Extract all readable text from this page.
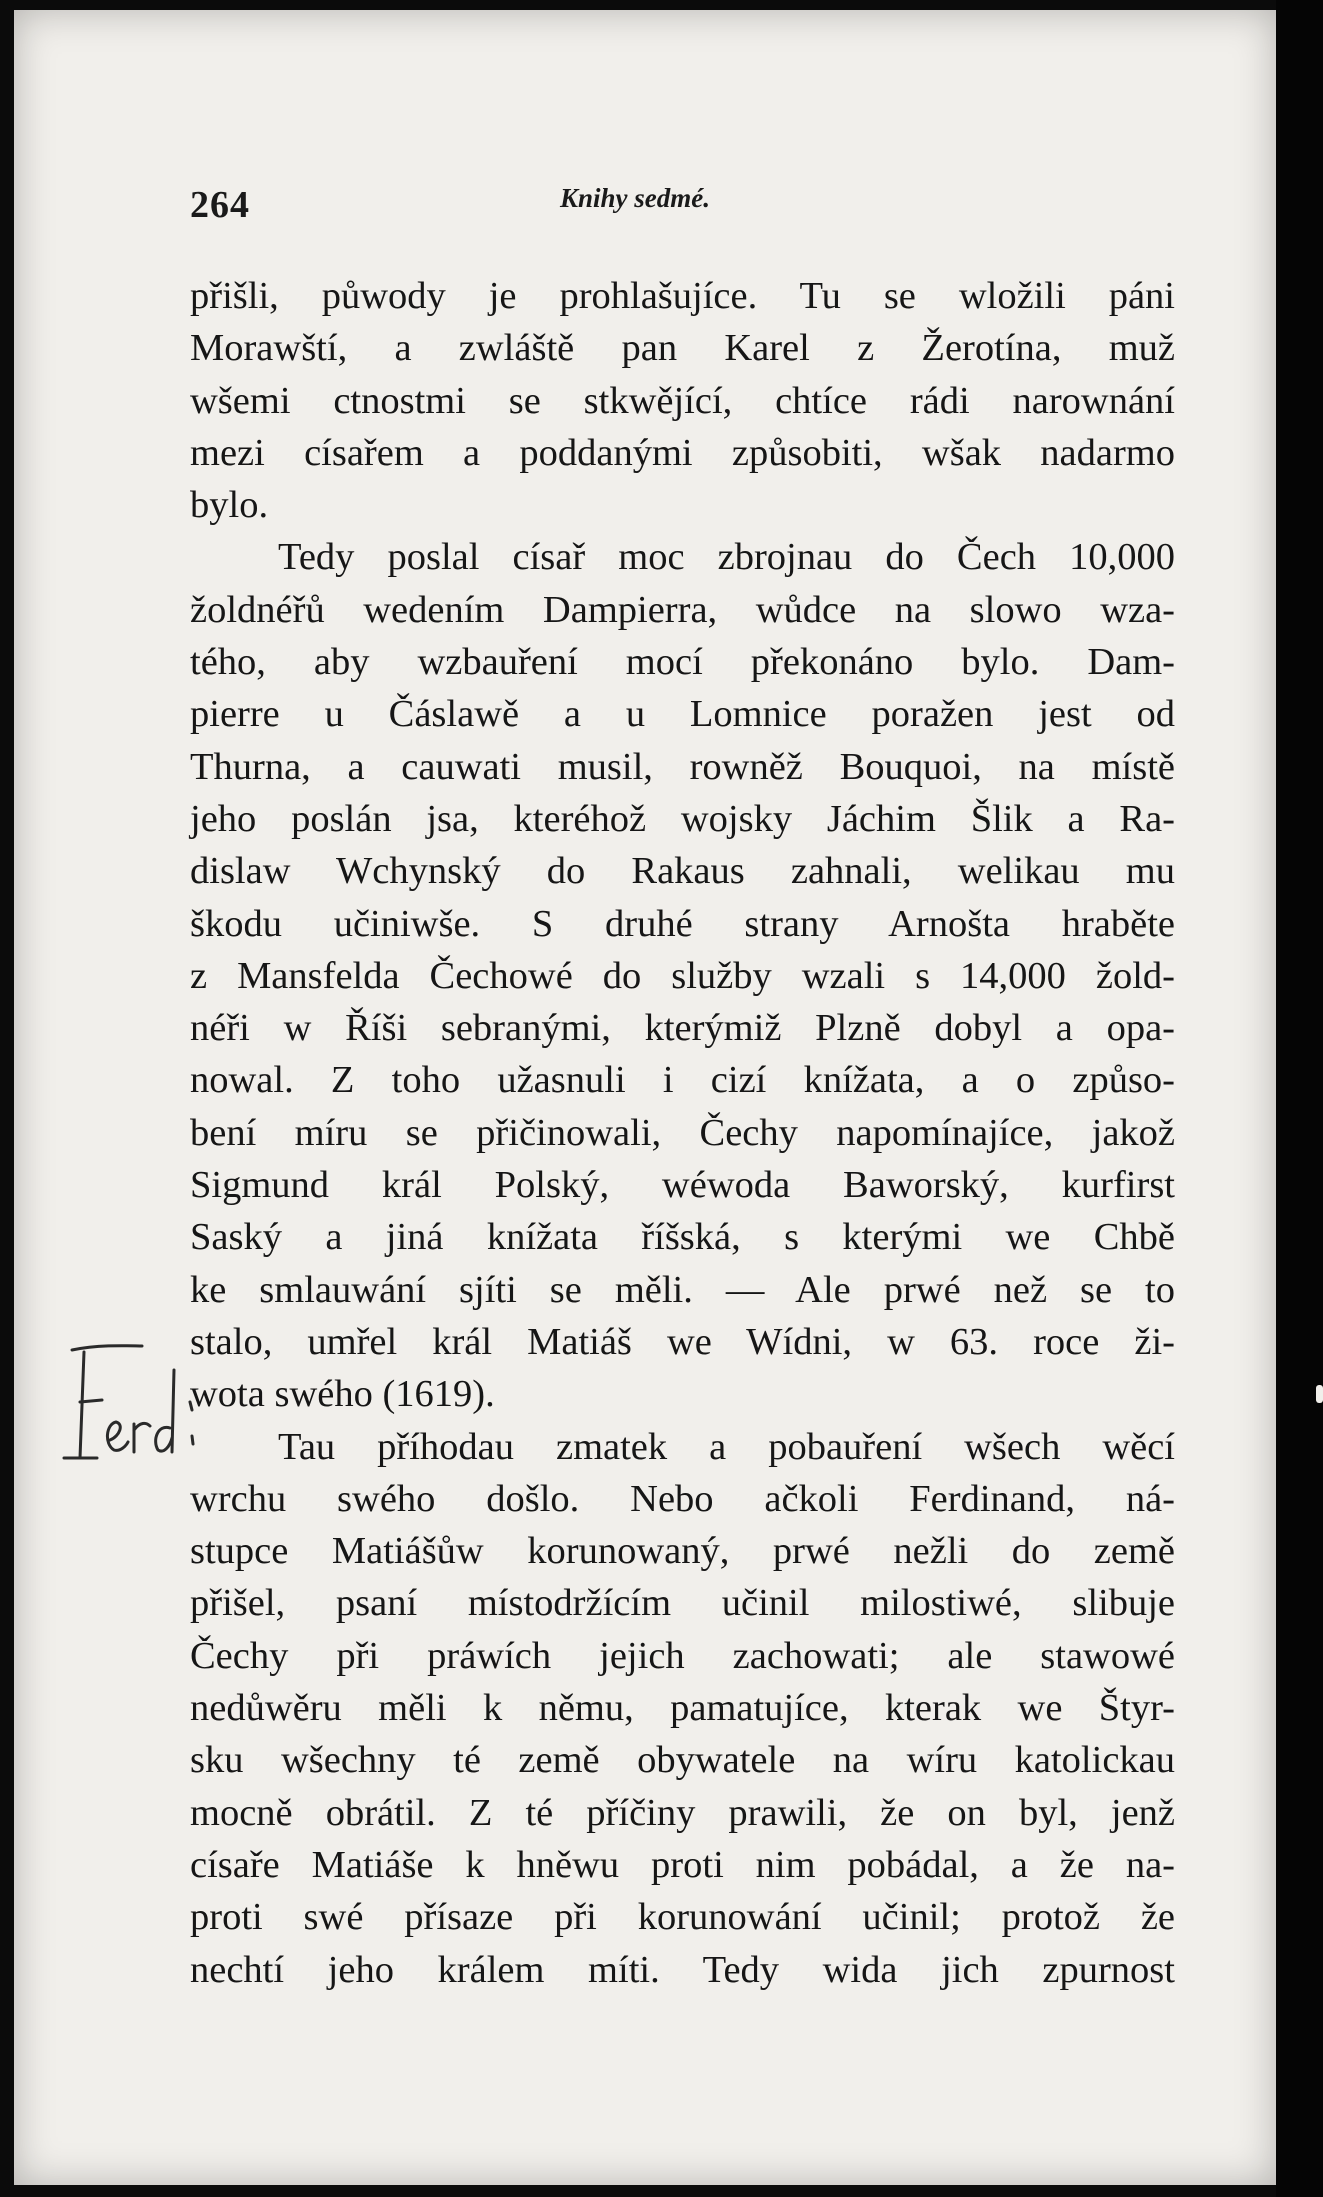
264	Knihy sedmé.
přišli, půwody je prohlašujíce. Tu se wložili páni
Morawští, a zwláště pan Karel z Žerotína, muž
wšemi ctnostmi se stkwějící, chtíce rádi narownání
mezi císařem a poddanými způsobiti, wšak nadarmo
bylo.
Tedy poslal císař moc zbrojnau do Čech 10,000
žoldnéřů wedením Dampierra, wůdce na slowo wza-
tého, aby wzbauření mocí překonáno bylo. Dam-
pierre u Čáslawě a u Lomnice poražen jest od
Thurna, a cauwati musil, rowněž Bouquoi, na místě
jeho poslán jsa, kteréhož wojsky Jáchim Šlik a Ra-
dislaw Wchynský do Rakaus zahnali, welikau mu
škodu učiniwše. S druhé strany Arnošta hraběte
z Mansfelda Čechowé do služby wzali s 14,000 žold-
néři w Říši sebranými, kterýmiž Plzně dobyl a opa-
nowal. Z toho užasnuli i cizí knížata, a o způso-
bení míru se přičinowali, Čechy napomínajíce, jakož
Sigmund král Polský, wéwoda Baworský, kurfirst
Saský a jiná knížata říšská, s kterými we Chbě
ke smlauwání sjíti se měli. — Ale prwé než se to
stalo, umřel král Matiáš we Wídni, w 63. roce ži-
wota swého (1619).
Tau příhodau zmatek a pobauření wšech wěcí
wrchu swého došlo. Nebo ačkoli Ferdinand, ná-
stupce Matiášůw korunowaný, prwé nežli do země
přišel, psaní místodržícím učinil milostiwé, slibuje
Čechy při práwích jejich zachowati; ale stawowé
nedůwěru měli k němu, pamatujíce, kterak we Štyr-
sku wšechny té země obywatele na wíru katolickau
mocně obrátil. Z té příčiny prawili, že on byl, jenž
císaře Matiáše k hněwu proti nim pobádal, a že na-
proti swé přísaze při korunowání učinil; protož že
nechtí jeho králem míti. Tedy wida jich zpurnost
